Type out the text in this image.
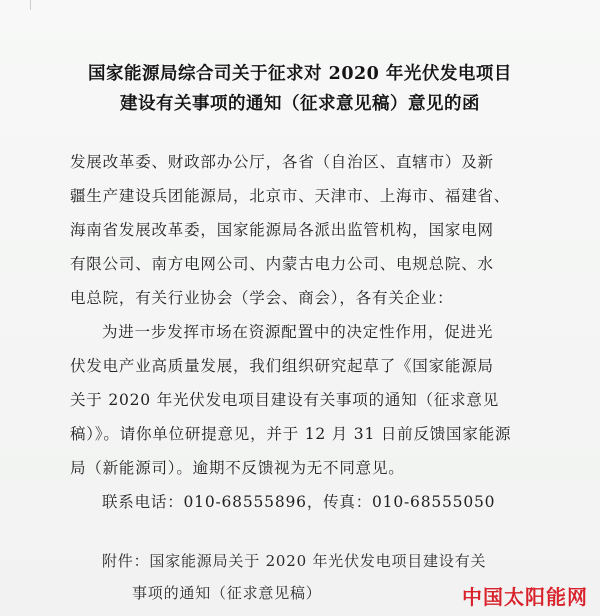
国家能源局综合司关于征求对 2020 年光伏发电项目
建设有关事项的通知（征求意见稿）意见的函
发展改革委、财政部办公厅，各省（自治区、直辖市）及新
疆生产建设兵团能源局，北京市、天津市、上海市、福建省、
海南省发展改革委，国家能源局各派出监管机构，国家电网
有限公司、南方电网公司、内蒙古电力公司、电规总院、水
电总院，有关行业协会（学会、商会），各有关企业：
为进一步发挥市场在资源配置中的决定性作用，促进光
伏发电产业高质量发展，我们组织研究起草了《国家能源局
关于 2020 年光伏发电项目建设有关事项的通知（征求意见
稿）》。请你单位研提意见，并于 12 月 31 日前反馈国家能源
局（新能源司）。逾期不反馈视为无不同意见。
联系电话：010-68555896，传真：010-68555050
附件：国家能源局关于 2020 年光伏发电项目建设有关
事项的通知（征求意见稿）	中国太阳能网
